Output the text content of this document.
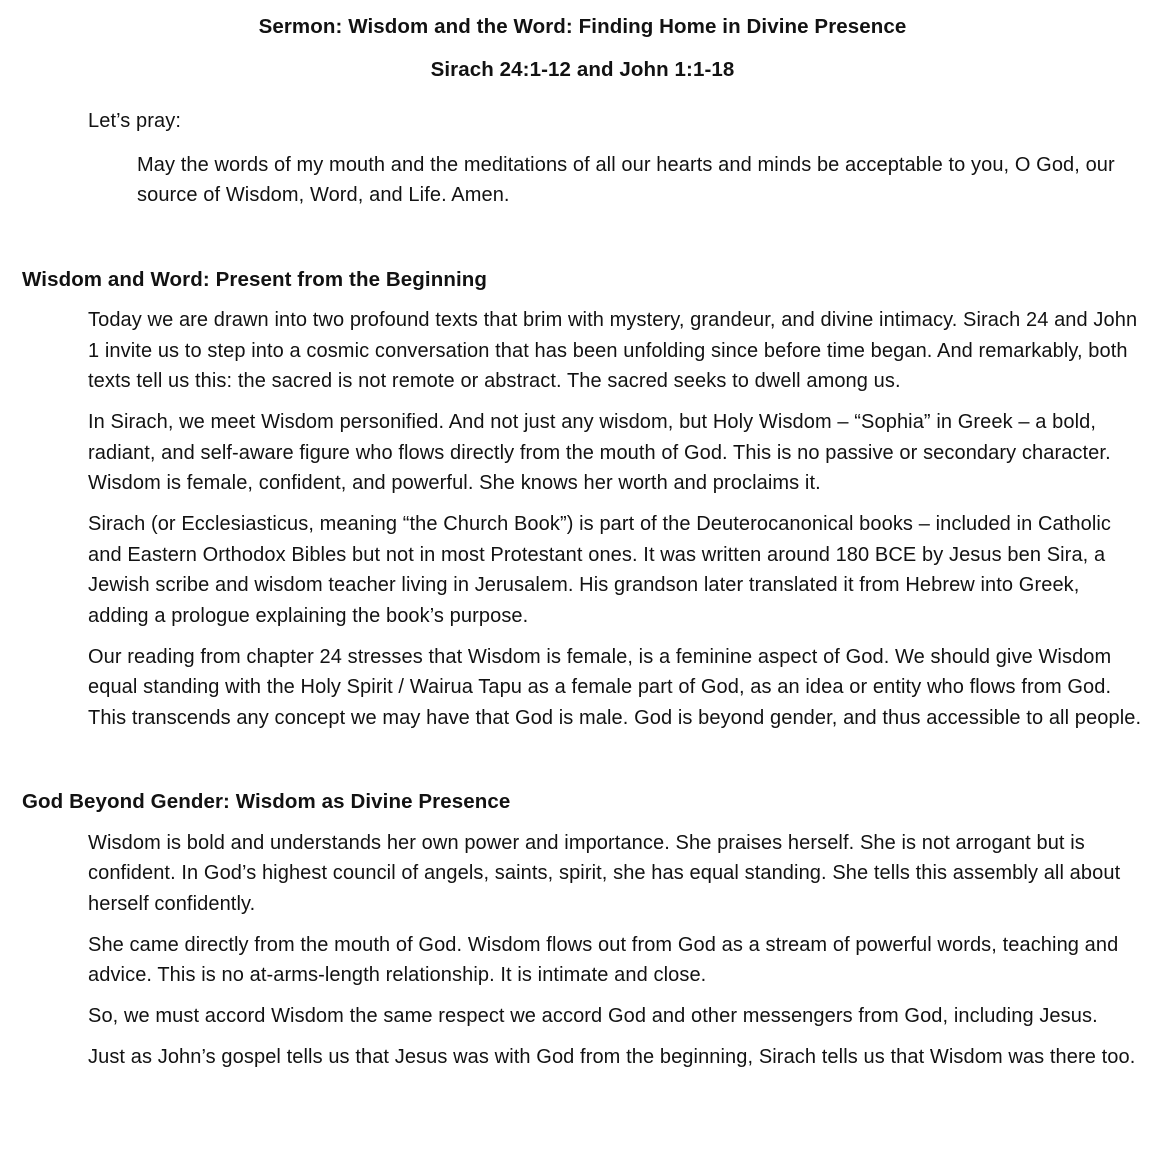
Sermon: Wisdom and the Word: Finding Home in Divine Presence
Sirach 24:1-12 and John 1:1-18

Let’s pray:

May the words of my mouth and the meditations of all our hearts and minds be acceptable to you, O God, our source of Wisdom, Word, and Life. Amen.

Wisdom and Word: Present from the Beginning

Today we are drawn into two profound texts that brim with mystery, grandeur, and divine intimacy. Sirach 24 and John 1 invite us to step into a cosmic conversation that has been unfolding since before time began. And remarkably, both texts tell us this: the sacred is not remote or abstract. The sacred seeks to dwell among us.

In Sirach, we meet Wisdom personified. And not just any wisdom, but Holy Wisdom – “Sophia” in Greek – a bold, radiant, and self-aware figure who flows directly from the mouth of God. This is no passive or secondary character. Wisdom is female, confident, and powerful. She knows her worth and proclaims it.

Sirach (or Ecclesiasticus, meaning “the Church Book”) is part of the Deuterocanonical books – included in Catholic and Eastern Orthodox Bibles but not in most Protestant ones. It was written around 180 BCE by Jesus ben Sira, a Jewish scribe and wisdom teacher living in Jerusalem. His grandson later translated it from Hebrew into Greek, adding a prologue explaining the book’s purpose.

Our reading from chapter 24 stresses that Wisdom is female, is a feminine aspect of God. We should give Wisdom equal standing with the Holy Spirit / Wairua Tapu as a female part of God, as an idea or entity who flows from God. This transcends any concept we may have that God is male. God is beyond gender, and thus accessible to all people.

God Beyond Gender: Wisdom as Divine Presence

Wisdom is bold and understands her own power and importance. She praises herself. She is not arrogant but is confident. In God’s highest council of angels, saints, spirit, she has equal standing. She tells this assembly all about herself confidently.

She came directly from the mouth of God. Wisdom flows out from God as a stream of powerful words, teaching and advice. This is no at-arms-length relationship. It is intimate and close.

So, we must accord Wisdom the same respect we accord God and other messengers from God, including Jesus.

Just as John’s gospel tells us that Jesus was with God from the beginning, Sirach tells us that Wisdom was there too.
